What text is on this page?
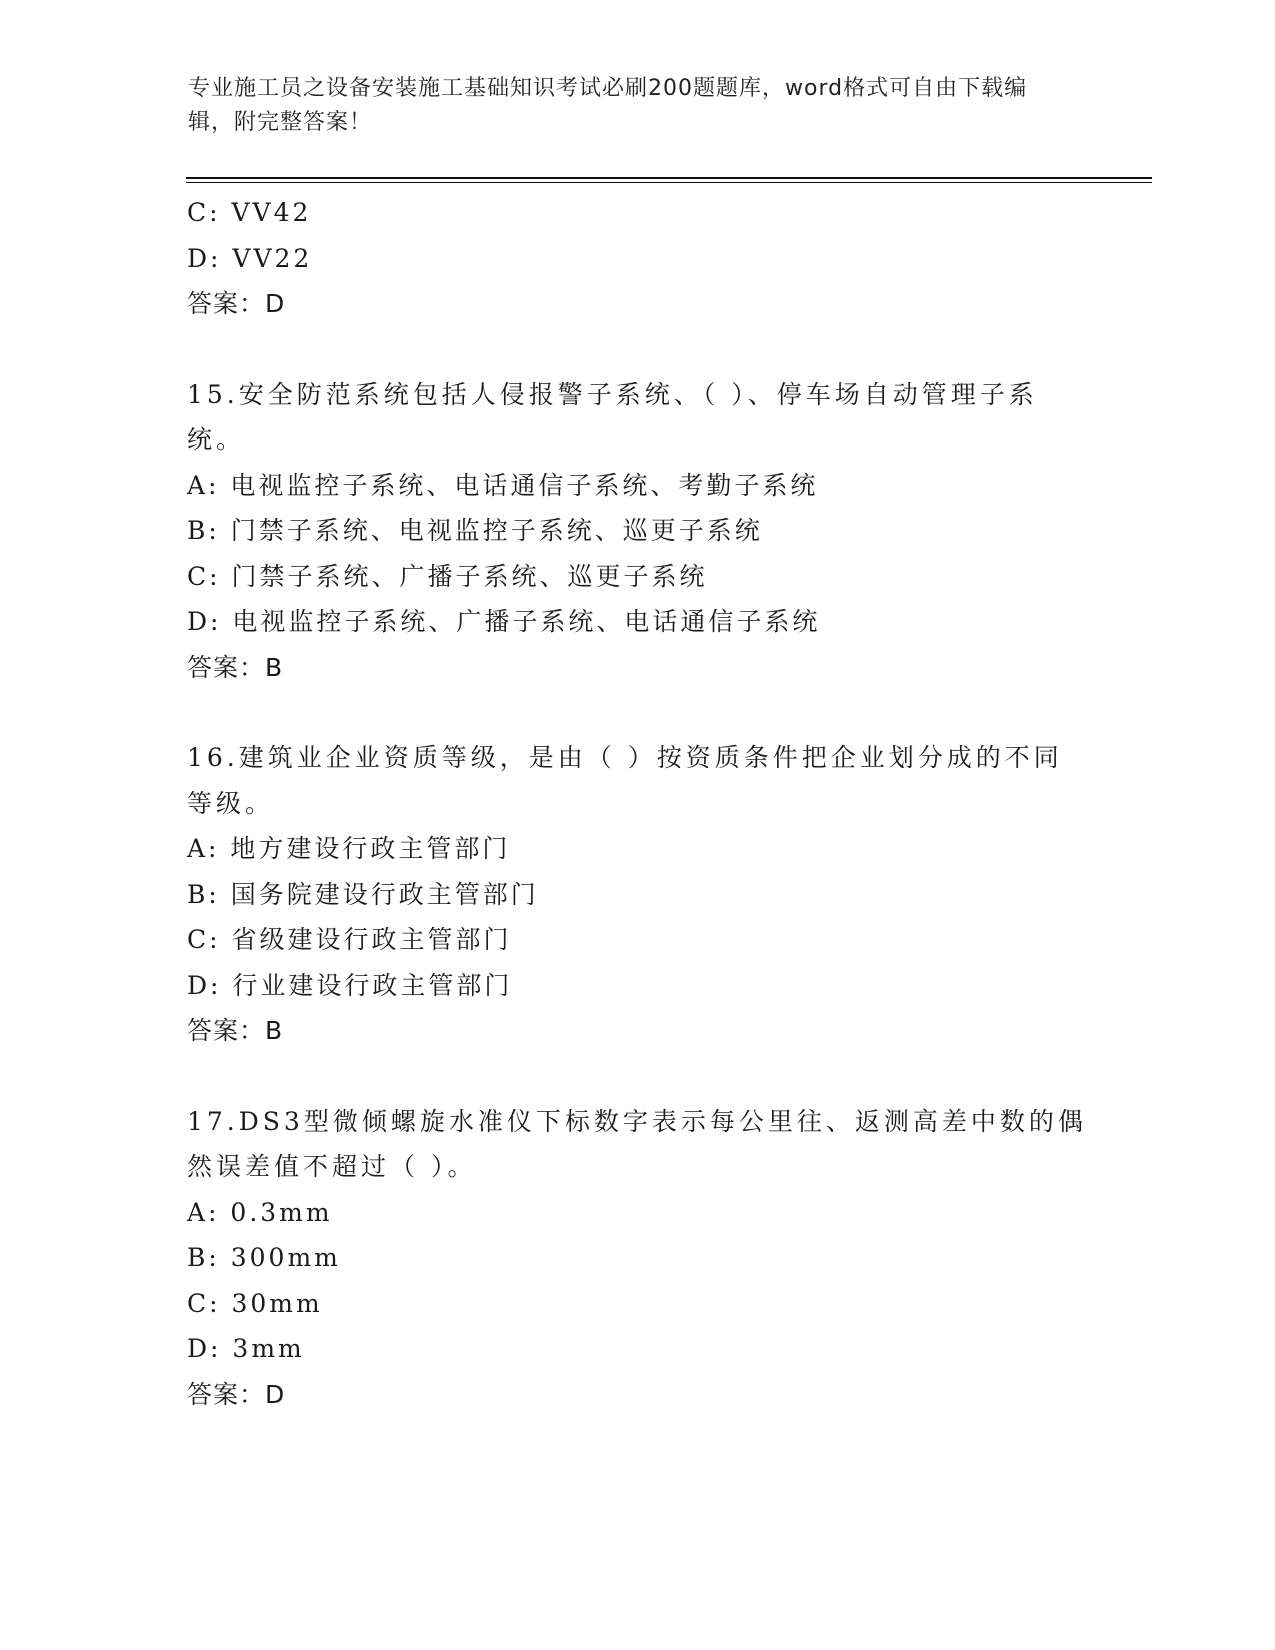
专业施工员之设备安装施工基础知识考试必刷200题题库，word格式可自由下载编辑，附完整答案！
C: VV42
D: VV22
答案：D
15.安全防范系统包括人侵报警子系统、（ ）、停车场自动管理子系统。
A: 电视监控子系统、电话通信子系统、考勤子系统
B: 门禁子系统、电视监控子系统、巡更子系统
C: 门禁子系统、广播子系统、巡更子系统
D: 电视监控子系统、广播子系统、电话通信子系统
答案：B
16.建筑业企业资质等级，是由（ ）按资质条件把企业划分成的不同等级。
A: 地方建设行政主管部门
B: 国务院建设行政主管部门
C: 省级建设行政主管部门
D: 行业建设行政主管部门
答案：B
17.DS3型微倾螺旋水准仪下标数字表示每公里往、返测高差中数的偶然误差值不超过（ ）。
A: 0.3mm
B: 300mm
C: 30mm
D: 3mm
答案：D
